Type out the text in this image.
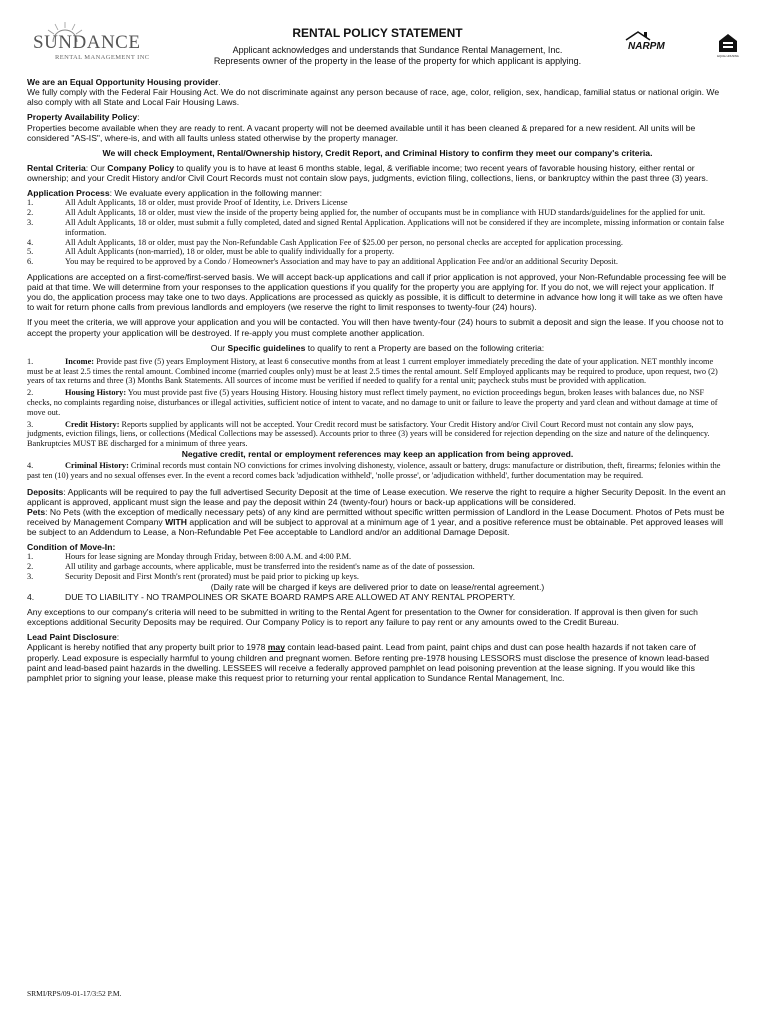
SUNDANCE
RENTAL MANAGEMENT INC
RENTAL POLICY STATEMENT
Applicant acknowledges and understands that Sundance Rental Management, Inc.
Represents owner of the property in the lease of the property for which applicant is applying.
NARPM
EQUAL HOUSING

We are an Equal Opportunity Housing provider.

We fully comply with the Federal Fair Housing Act. We do not discriminate against any person because of race, age, color, religion, sex, handicap, familial status or national origin. We also comply with all State and Local Fair Housing Laws.

Property Availability Policy:

Properties become available when they are ready to rent. A vacant property will not be deemed available until it has been cleaned & prepared for a new resident. All units will be considered "AS-IS", where-is, and with all faults unless stated otherwise by the property manager.

We will check Employment, Rental/Ownership history, Credit Report, and Criminal History to confirm they meet our company's criteria.

Rental Criteria: Our Company Policy to qualify you is to have at least 6 months stable, legal, & verifiable income; two recent years of favorable housing history, either rental or ownership; and your Credit History and/or Civil Court Records must not contain slow pays, judgments, eviction filing, collections, liens, or bankruptcy within the past three (3) years.

Application Process: We evaluate every application in the following manner:

1.	All Adult Applicants, 18 or older, must provide Proof of Identity, i.e. Drivers License
2.	All Adult Applicants, 18 or older, must view the inside of the property being applied for, the number of occupants must be in compliance with HUD standards/guidelines for the applied for unit.
3.	All Adult Applicants, 18 or older, must submit a fully completed, dated and signed Rental Application. Applications will not be considered if they are incomplete, missing information or contain false information.
4.	All Adult Applicants, 18 or older, must pay the Non-Refundable Cash Application Fee of $25.00 per person, no personal checks are accepted for application processing.
5.	All Adult Applicants (non-married), 18 or older, must be able to qualify individually for a property.
6.	You may be required to be approved by a Condo / Homeowner's Association and may have to pay an additional Application Fee and/or an additional Security Deposit.

Applications are accepted on a first-come/first-served basis. We will accept back-up applications and call if prior application is not approved, your Non-Refundable processing fee will be paid at that time. We will determine from your responses to the application questions if you qualify for the property you are applying for. If you do not, we will reject your application. If you do, the application process may take one to two days. Applications are processed as quickly as possible, it is difficult to determine in advance how long it will take as we often have to wait for return phone calls from previous landlords and employers (we reserve the right to limit responses to twenty-four (24) hours).

If you meet the criteria, we will approve your application and you will be contacted. You will then have twenty-four (24) hours to submit a deposit and sign the lease. If you choose not to accept the property your application will be destroyed. If re-apply you must complete another application.

Our Specific guidelines to qualify to rent a Property are based on the following criteria:

1.	Income: Provide past five (5) years Employment History, at least 6 consecutive months from at least 1 current employer immediately preceding the date of your application. NET monthly income must be at least 2.5 times the rental amount. Combined income (married couples only) must be at least 2.5 times the rental amount. Self Employed applicants may be required to produce, upon request, two (2) years of tax returns and three (3) Months Bank Statements. All sources of income must be verified if needed to qualify for a rental unit; paycheck stubs must be provided with application.

2.	Housing History: You must provide past five (5) years Housing History. Housing history must reflect timely payment, no eviction proceedings begun, broken leases with balances due, no NSF checks, no complaints regarding noise, disturbances or illegal activities, sufficient notice of intent to vacate, and no damage to unit or failure to leave the property and yard clean and without damage at time of move out.

3.	Credit History: Reports supplied by applicants will not be accepted. Your Credit record must be satisfactory. Your Credit History and/or Civil Court Record must not contain any slow pays, judgments, eviction filings, liens, or collections (Medical Collections may be assessed). Accounts prior to three (3) years will be considered for rejection depending on the size and nature of the delinquency. Bankruptcies MUST BE discharged for a minimum of three years.

Negative credit, rental or employment references may keep an application from being approved.

4.	Criminal History: Criminal records must contain NO convictions for crimes involving dishonesty, violence, assault or battery, drugs: manufacture or distribution, theft, firearms; felonies within the past ten (10) years and no sexual offenses ever. In the event a record comes back 'adjudication withheld', 'nolle prosse', or 'adjudication withheld', further documentation may be required.

Deposits: Applicants will be required to pay the full advertised Security Deposit at the time of Lease execution. We reserve the right to require a higher Security Deposit. In the event an applicant is approved, applicant must sign the lease and pay the deposit within 24 (twenty-four) hours or back-up applications will be considered.

Pets: No Pets (with the exception of medically necessary pets) of any kind are permitted without specific written permission of Landlord in the Lease Document. Photos of Pets must be received by Management Company WITH application and will be subject to approval at a minimum age of 1 year, and a positive reference must be obtainable. Pet approved leases will be subject to an Addendum to Lease, a Non-Refundable Pet Fee acceptable to Landlord and/or an additional Damage Deposit.

Condition of Move-In:

1.	Hours for lease signing are Monday through Friday, between 8:00 A.M. and 4:00 P.M.
2.	All utility and garbage accounts, where applicable, must be transferred into the resident's name as of the date of possession.
3.	Security Deposit and First Month's rent (prorated) must be paid prior to picking up keys.

(Daily rate will be charged if keys are delivered prior to date on lease/rental agreement.)

4.	DUE TO LIABILITY - NO TRAMPOLINES OR SKATE BOARD RAMPS ARE ALLOWED AT ANY RENTAL PROPERTY.

Any exceptions to our company's criteria will need to be submitted in writing to the Rental Agent for presentation to the Owner for consideration. If approval is then given for such exceptions additional Security Deposits may be required. Our Company Policy is to report any failure to pay rent or any amounts owed to the Credit Bureau.

Lead Paint Disclosure:

Applicant is hereby notified that any property built prior to 1978 may contain lead-based paint. Lead from paint, paint chips and dust can pose health hazards if not taken care of properly. Lead exposure is especially harmful to young children and pregnant women. Before renting pre-1978 housing LESSORS must disclose the presence of known lead-based paint and lead-based paint hazards in the dwelling. LESSEES will receive a federally approved pamphlet on lead poisoning prevention at the lease signing. If you would like this pamphlet prior to signing your lease, please make this request prior to returning your rental application to Sundance Rental Management, Inc.

SRMI/RPS/09-01-17/3:52 P.M.
